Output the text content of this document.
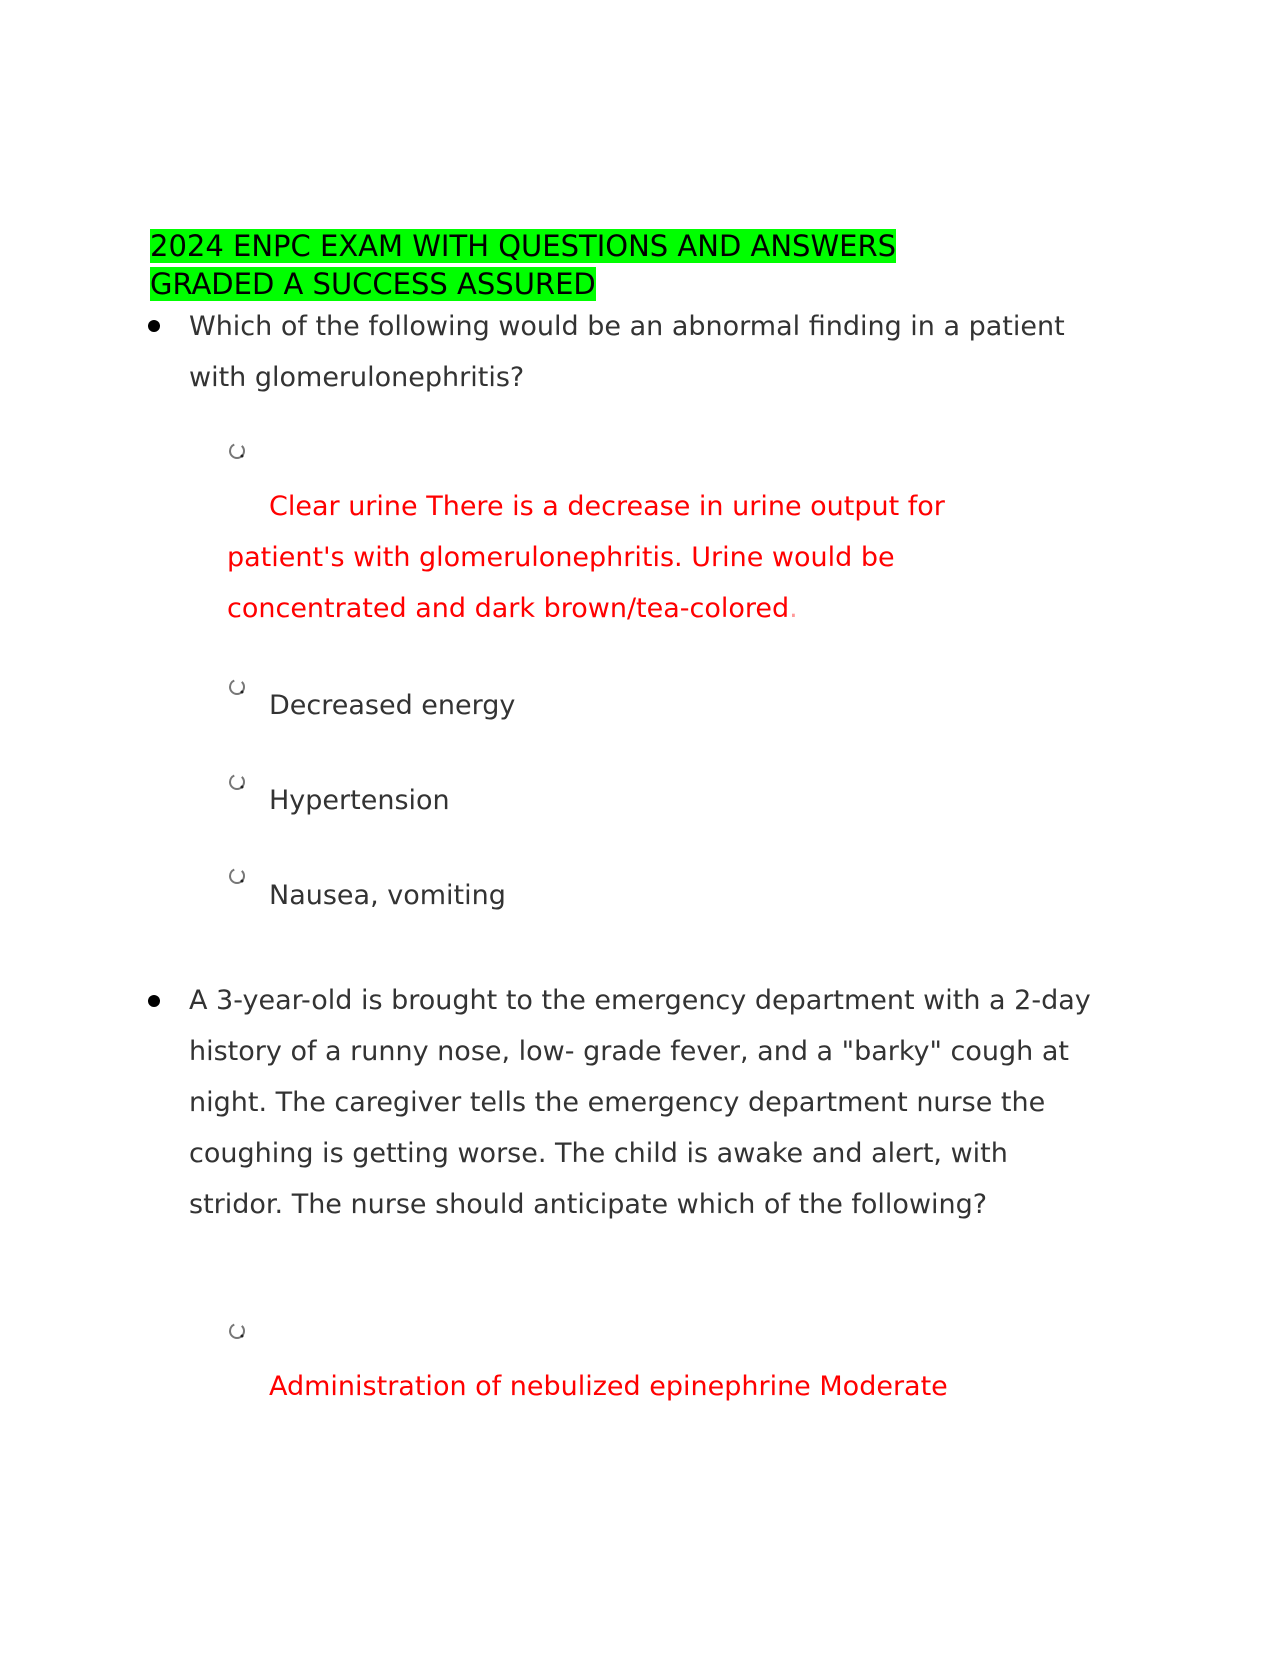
2024 ENPC EXAM WITH QUESTIONS AND ANSWERS
GRADED A SUCCESS ASSURED

Which of the following would be an abnormal finding in a patient with glomerulonephritis?

Clear urine There is a decrease in urine output for patient's with glomerulonephritis. Urine would be concentrated and dark brown/tea-colored.

Decreased energy
Hypertension
Nausea, vomiting

A 3-year-old is brought to the emergency department with a 2-day history of a runny nose, low- grade fever, and a "barky" cough at night. The caregiver tells the emergency department nurse the coughing is getting worse. The child is awake and alert, with stridor. The nurse should anticipate which of the following?

Administration of nebulized epinephrine Moderate
